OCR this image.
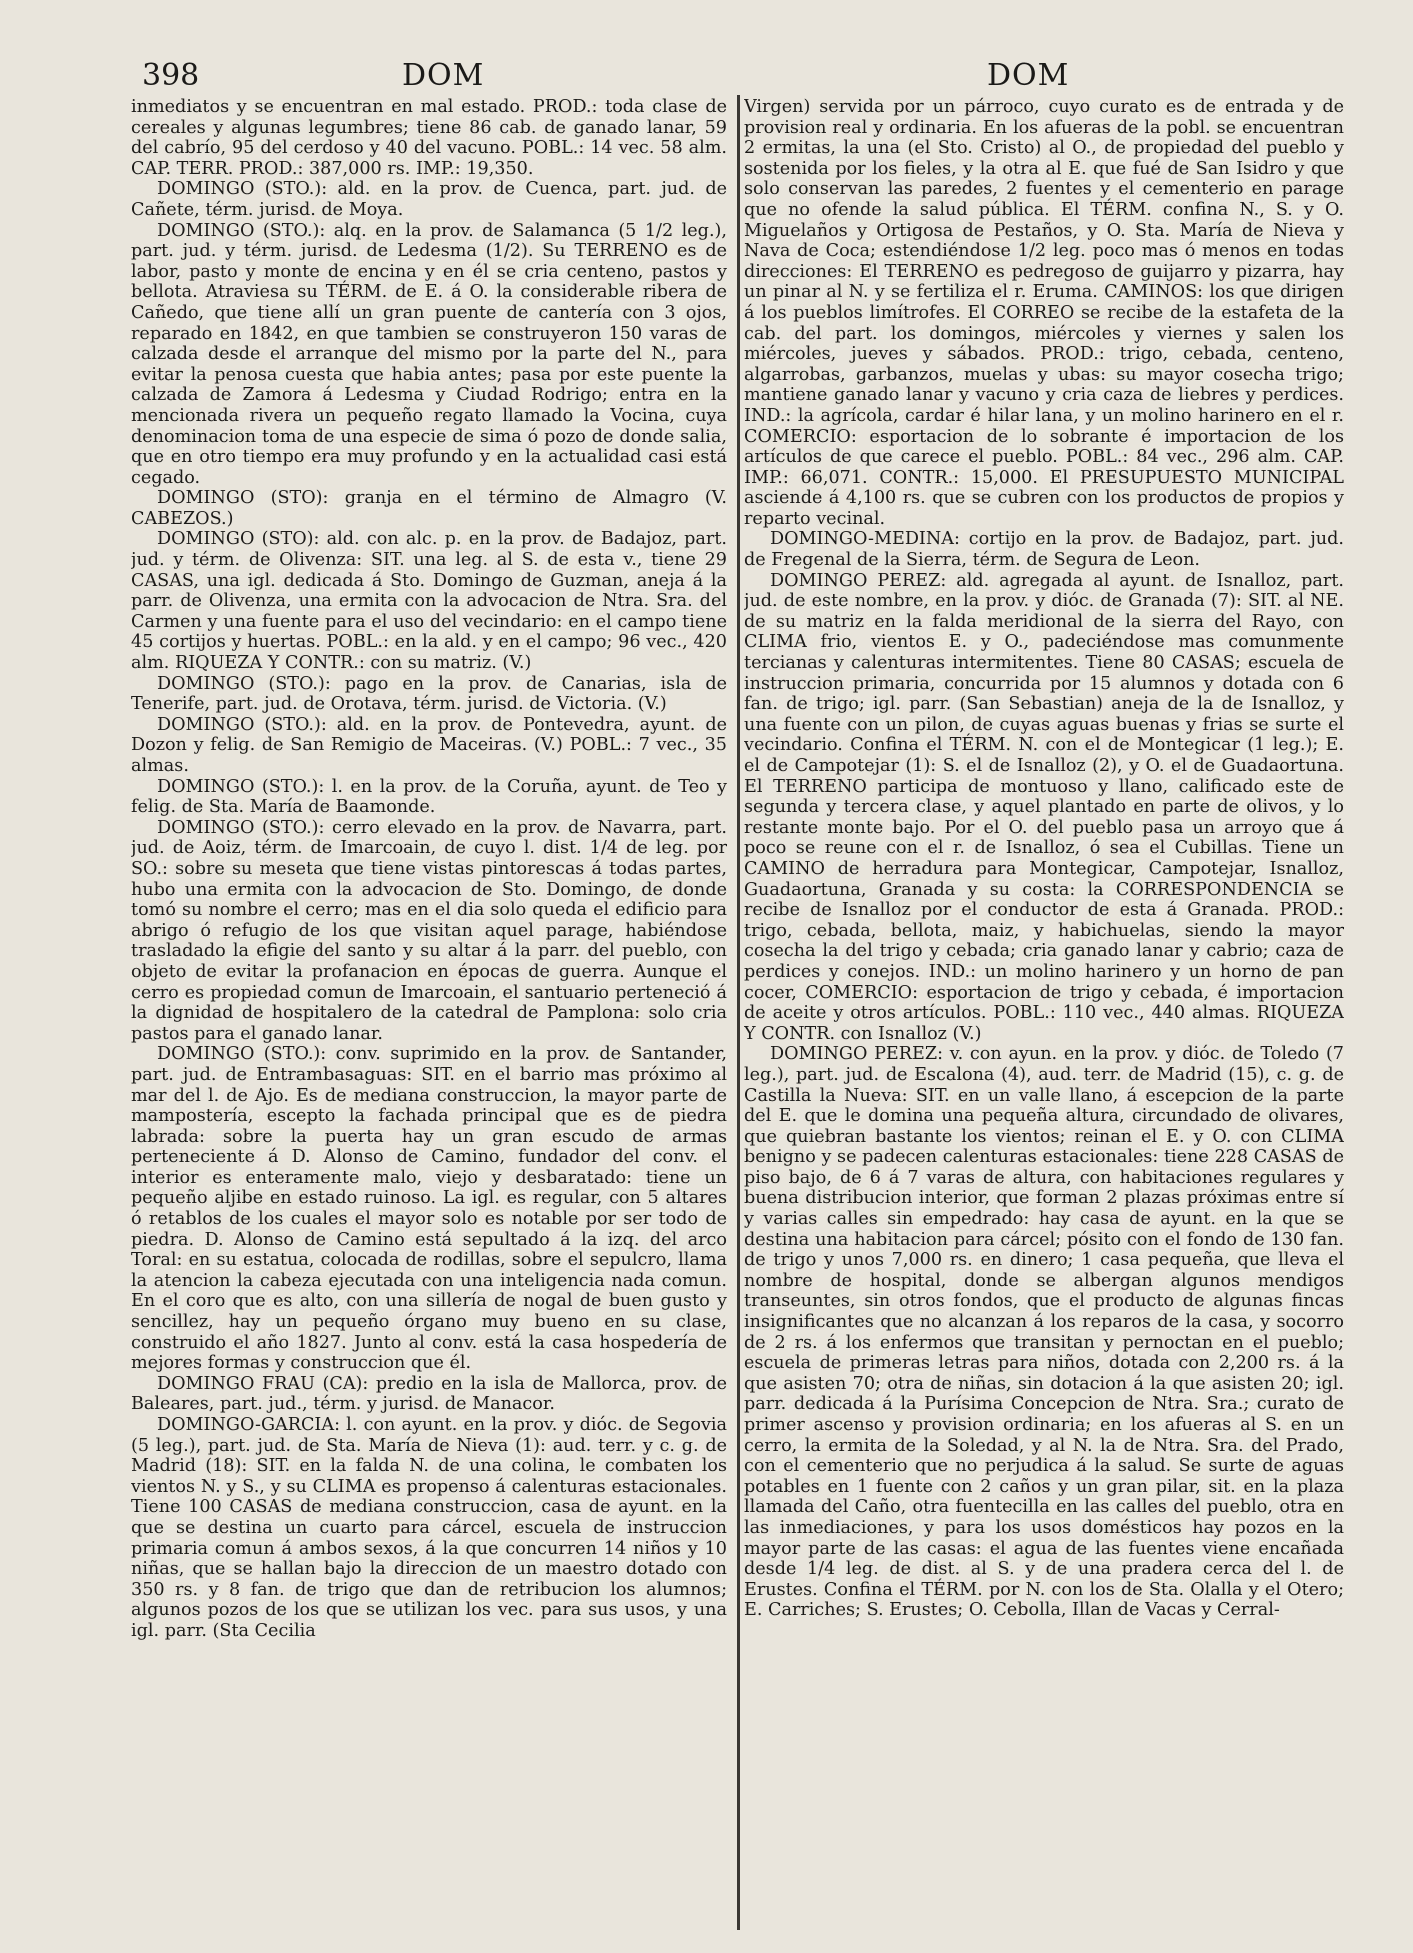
398	DOM	DOM

inmediatos y se encuentran en mal estado. PROD.: toda clase de cereales y algunas legumbres; tiene 86 cab. de ganado lanar, 59 del cabrío, 95 del cerdoso y 40 del vacuno. POBL.: 14 vec. 58 alm. CAP. TERR. PROD.: 387,000 rs. IMP.: 19,350.

DOMINGO (STO.): ald. en la prov. de Cuenca, part. jud. de Cañete, térm. jurisd. de Moya.

DOMINGO (STO.): alq. en la prov. de Salamanca (5 1/2 leg.), part. jud. y térm. jurisd. de Ledesma (1/2). Su TERRENO es de labor, pasto y monte de encina y en él se cria centeno, pastos y bellota. Atraviesa su TÉRM. de E. á O. la considerable ribera de Cañedo, que tiene allí un gran puente de cantería con 3 ojos, reparado en 1842, en que tambien se construyeron 150 varas de calzada desde el arranque del mismo por la parte del N., para evitar la penosa cuesta que habia antes; pasa por este puente la calzada de Zamora á Ledesma y Ciudad Rodrigo; entra en la mencionada rivera un pequeño regato llamado la Vocina, cuya denominacion toma de una especie de sima ó pozo de donde salia, que en otro tiempo era muy profundo y en la actualidad casi está cegado.

DOMINGO (STO): granja en el término de Almagro (V. CABEZOS.)

DOMINGO (STO): ald. con alc. p. en la prov. de Badajoz, part. jud. y térm. de Olivenza: SIT. una leg. al S. de esta v., tiene 29 CASAS, una igl. dedicada á Sto. Domingo de Guzman, aneja á la parr. de Olivenza, una ermita con la advocacion de Ntra. Sra. del Carmen y una fuente para el uso del vecindario: en el campo tiene 45 cortijos y huertas. POBL.: en la ald. y en el campo; 96 vec., 420 alm. RIQUEZA Y CONTR.: con su matriz. (V.)

DOMINGO (STO.): pago en la prov. de Canarias, isla de Tenerife, part. jud. de Orotava, térm. jurisd. de Victoria. (V.)

DOMINGO (STO.): ald. en la prov. de Pontevedra, ayunt. de Dozon y felig. de San Remigio de Maceiras. (V.) POBL.: 7 vec., 35 almas.

DOMINGO (STO.): l. en la prov. de la Coruña, ayunt. de Teo y felig. de Sta. María de Baamonde.

DOMINGO (STO.): cerro elevado en la prov. de Navarra, part. jud. de Aoiz, térm. de Imarcoain, de cuyo l. dist. 1/4 de leg. por SO.: sobre su meseta que tiene vistas pintorescas á todas partes, hubo una ermita con la advocacion de Sto. Domingo, de donde tomó su nombre el cerro; mas en el dia solo queda el edificio para abrigo ó refugio de los que visitan aquel parage, habiéndose trasladado la efigie del santo y su altar á la parr. del pueblo, con objeto de evitar la profanacion en épocas de guerra. Aunque el cerro es propiedad comun de Imarcoain, el santuario perteneció á la dignidad de hospitalero de la catedral de Pamplona: solo cria pastos para el ganado lanar.

DOMINGO (STO.): conv. suprimido en la prov. de Santander, part. jud. de Entrambasaguas: SIT. en el barrio mas próximo al mar del l. de Ajo. Es de mediana construccion, la mayor parte de mampostería, escepto la fachada principal que es de piedra labrada: sobre la puerta hay un gran escudo de armas perteneciente á D. Alonso de Camino, fundador del conv. el interior es enteramente malo, viejo y desbaratado: tiene un pequeño aljibe en estado ruinoso. La igl. es regular, con 5 altares ó retablos de los cuales el mayor solo es notable por ser todo de piedra. D. Alonso de Camino está sepultado á la izq. del arco Toral: en su estatua, colocada de rodillas, sobre el sepulcro, llama la atencion la cabeza ejecutada con una inteligencia nada comun. En el coro que es alto, con una sillería de nogal de buen gusto y sencillez, hay un pequeño órgano muy bueno en su clase, construido el año 1827. Junto al conv. está la casa hospedería de mejores formas y construccion que él.

DOMINGO FRAU (CA): predio en la isla de Mallorca, prov. de Baleares, part. jud., térm. y jurisd. de Manacor.

DOMINGO-GARCIA: l. con ayunt. en la prov. y dióc. de Segovia (5 leg.), part. jud. de Sta. María de Nieva (1): aud. terr. y c. g. de Madrid (18): SIT. en la falda N. de una colina, le combaten los vientos N. y S., y su CLIMA es propenso á calenturas estacionales. Tiene 100 CASAS de mediana construccion, casa de ayunt. en la que se destina un cuarto para cárcel, escuela de instruccion primaria comun á ambos sexos, á la que concurren 14 niños y 10 niñas, que se hallan bajo la direccion de un maestro dotado con 350 rs. y 8 fan. de trigo que dan de retribucion los alumnos; algunos pozos de los que se utilizan los vec. para sus usos, y una igl. parr. (Sta Cecilia

Virgen) servida por un párroco, cuyo curato es de entrada y de provision real y ordinaria. En los afueras de la pobl. se encuentran 2 ermitas, la una (el Sto. Cristo) al O., de propiedad del pueblo y sostenida por los fieles, y la otra al E. que fué de San Isidro y que solo conservan las paredes, 2 fuentes y el cementerio en parage que no ofende la salud pública. El TÉRM. confina N., S. y O. Miguelaños y Ortigosa de Pestaños, y O. Sta. María de Nieva y Nava de Coca; estendiéndose 1/2 leg. poco mas ó menos en todas direcciones: El TERRENO es pedregoso de guijarro y pizarra, hay un pinar al N. y se fertiliza el r. Eruma. CAMINOS: los que dirigen á los pueblos limítrofes. El CORREO se recibe de la estafeta de la cab. del part. los domingos, miércoles y viernes y salen los miércoles, jueves y sábados. PROD.: trigo, cebada, centeno, algarrobas, garbanzos, muelas y ubas: su mayor cosecha trigo; mantiene ganado lanar y vacuno y cria caza de liebres y perdices. IND.: la agrícola, cardar é hilar lana, y un molino harinero en el r. COMERCIO: esportacion de lo sobrante é importacion de los artículos de que carece el pueblo. POBL.: 84 vec., 296 alm. CAP. IMP.: 66,071. CONTR.: 15,000. El PRESUPUESTO MUNICIPAL asciende á 4,100 rs. que se cubren con los productos de propios y reparto vecinal.

DOMINGO-MEDINA: cortijo en la prov. de Badajoz, part. jud. de Fregenal de la Sierra, térm. de Segura de Leon.

DOMINGO PEREZ: ald. agregada al ayunt. de Isnalloz, part. jud. de este nombre, en la prov. y dióc. de Granada (7): SIT. al NE. de su matriz en la falda meridional de la sierra del Rayo, con CLIMA frio, vientos E. y O., padeciéndose mas comunmente tercianas y calenturas intermitentes. Tiene 80 CASAS; escuela de instruccion primaria, concurrida por 15 alumnos y dotada con 6 fan. de trigo; igl. parr. (San Sebastian) aneja de la de Isnalloz, y una fuente con un pilon, de cuyas aguas buenas y frias se surte el vecindario. Confina el TÉRM. N. con el de Montegicar (1 leg.); E. el de Campotejar (1): S. el de Isnalloz (2), y O. el de Guadaortuna. El TERRENO participa de montuoso y llano, calificado este de segunda y tercera clase, y aquel plantado en parte de olivos, y lo restante monte bajo. Por el O. del pueblo pasa un arroyo que á poco se reune con el r. de Isnalloz, ó sea el Cubillas. Tiene un CAMINO de herradura para Montegicar, Campotejar, Isnalloz, Guadaortuna, Granada y su costa: la CORRESPONDENCIA se recibe de Isnalloz por el conductor de esta á Granada. PROD.: trigo, cebada, bellota, maiz, y habichuelas, siendo la mayor cosecha la del trigo y cebada; cria ganado lanar y cabrio; caza de perdices y conejos. IND.: un molino harinero y un horno de pan cocer, COMERCIO: esportacion de trigo y cebada, é importacion de aceite y otros artículos. POBL.: 110 vec., 440 almas. RIQUEZA Y CONTR. con Isnalloz (V.)

DOMINGO PEREZ: v. con ayun. en la prov. y dióc. de Toledo (7 leg.), part. jud. de Escalona (4), aud. terr. de Madrid (15), c. g. de Castilla la Nueva: SIT. en un valle llano, á escepcion de la parte del E. que le domina una pequeña altura, circundado de olivares, que quiebran bastante los vientos; reinan el E. y O. con CLIMA benigno y se padecen calenturas estacionales: tiene 228 CASAS de piso bajo, de 6 á 7 varas de altura, con habitaciones regulares y buena distribucion interior, que forman 2 plazas próximas entre sí y varias calles sin empedrado: hay casa de ayunt. en la que se destina una habitacion para cárcel; pósito con el fondo de 130 fan. de trigo y unos 7,000 rs. en dinero; 1 casa pequeña, que lleva el nombre de hospital, donde se albergan algunos mendigos transeuntes, sin otros fondos, que el producto de algunas fincas insignificantes que no alcanzan á los reparos de la casa, y socorro de 2 rs. á los enfermos que transitan y pernoctan en el pueblo; escuela de primeras letras para niños, dotada con 2,200 rs. á la que asisten 70; otra de niñas, sin dotacion á la que asisten 20; igl. parr. dedicada á la Purísima Concepcion de Ntra. Sra.; curato de primer ascenso y provision ordinaria; en los afueras al S. en un cerro, la ermita de la Soledad, y al N. la de Ntra. Sra. del Prado, con el cementerio que no perjudica á la salud. Se surte de aguas potables en 1 fuente con 2 caños y un gran pilar, sit. en la plaza llamada del Caño, otra fuentecilla en las calles del pueblo, otra en las inmediaciones, y para los usos domésticos hay pozos en la mayor parte de las casas: el agua de las fuentes viene encañada desde 1/4 leg. de dist. al S. y de una pradera cerca del l. de Erustes. Confina el TÉRM. por N. con los de Sta. Olalla y el Otero; E. Carriches; S. Erustes; O. Cebolla, Illan de Vacas y Cerral-
